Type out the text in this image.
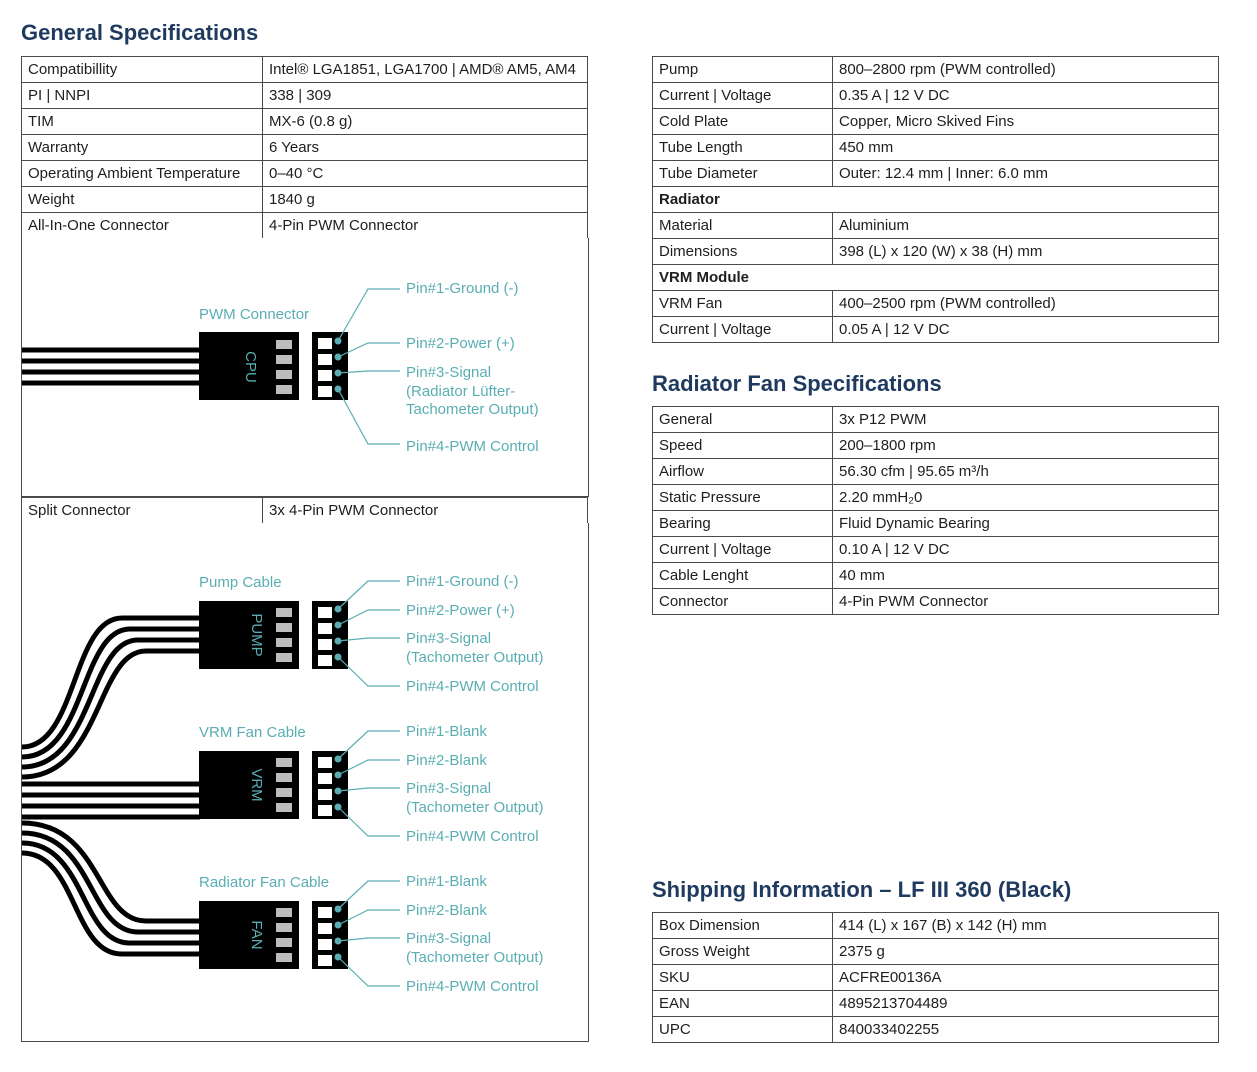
General Specifications
Compatibillity	Intel® LGA1851, LGA1700 | AMD® AM5, AM4
PI | NNPI	338 | 309
TIM	MX-6 (0.8 g)
Warranty	6 Years
Operating Ambient Temperature	0–40 °C
Weight	1840 g
All-In-One Connector	4-Pin PWM Connector
CPU
PWM Connector
Pin#1-Ground (-)
Pin#2-Power (+)
Pin#3-Signal
(Radiator Lüfter-
Tachometer Output)
Pin#4-PWM Control
Split Connector	3x 4-Pin PWM Connector
PUMP
Pump Cable	Pin#1-Ground (-)
Pin#2-Power (+)
Pin#3-Signal
(Tachometer Output)
Pin#4-PWM Control
VRM
VRM Fan Cable	Pin#1-Blank
Pin#2-Blank
Pin#3-Signal
(Tachometer Output)
Pin#4-PWM Control
FAN
Radiator Fan Cable	Pin#1-Blank
Pin#2-Blank
Pin#3-Signal
(Tachometer Output)
Pin#4-PWM Control
Pump	800–2800 rpm (PWM controlled)
Current | Voltage	0.35 A | 12 V DC
Cold Plate	Copper, Micro Skived Fins
Tube Length	450 mm
Tube Diameter	Outer: 12.4 mm | Inner: 6.0 mm
Radiator	
Material	Aluminium
Dimensions	398 (L) x 120 (W) x 38 (H) mm
VRM Module	
VRM Fan	400–2500 rpm (PWM controlled)
Current | Voltage	0.05 A | 12 V DC
Radiator Fan Specifications
General	3x P12 PWM
Speed	200–1800 rpm
Airflow	56.30 cfm | 95.65 m³/h
Static Pressure	2.20 mmH₂0
Bearing	Fluid Dynamic Bearing
Current | Voltage	0.10 A | 12 V DC
Cable Lenght	40 mm
Connector	4-Pin PWM Connector
Shipping Information – LF III 360 (Black)
Box Dimension	414 (L) x 167 (B) x 142 (H) mm
Gross Weight	2375 g
SKU	ACFRE00136A
EAN	4895213704489
UPC	840033402255
